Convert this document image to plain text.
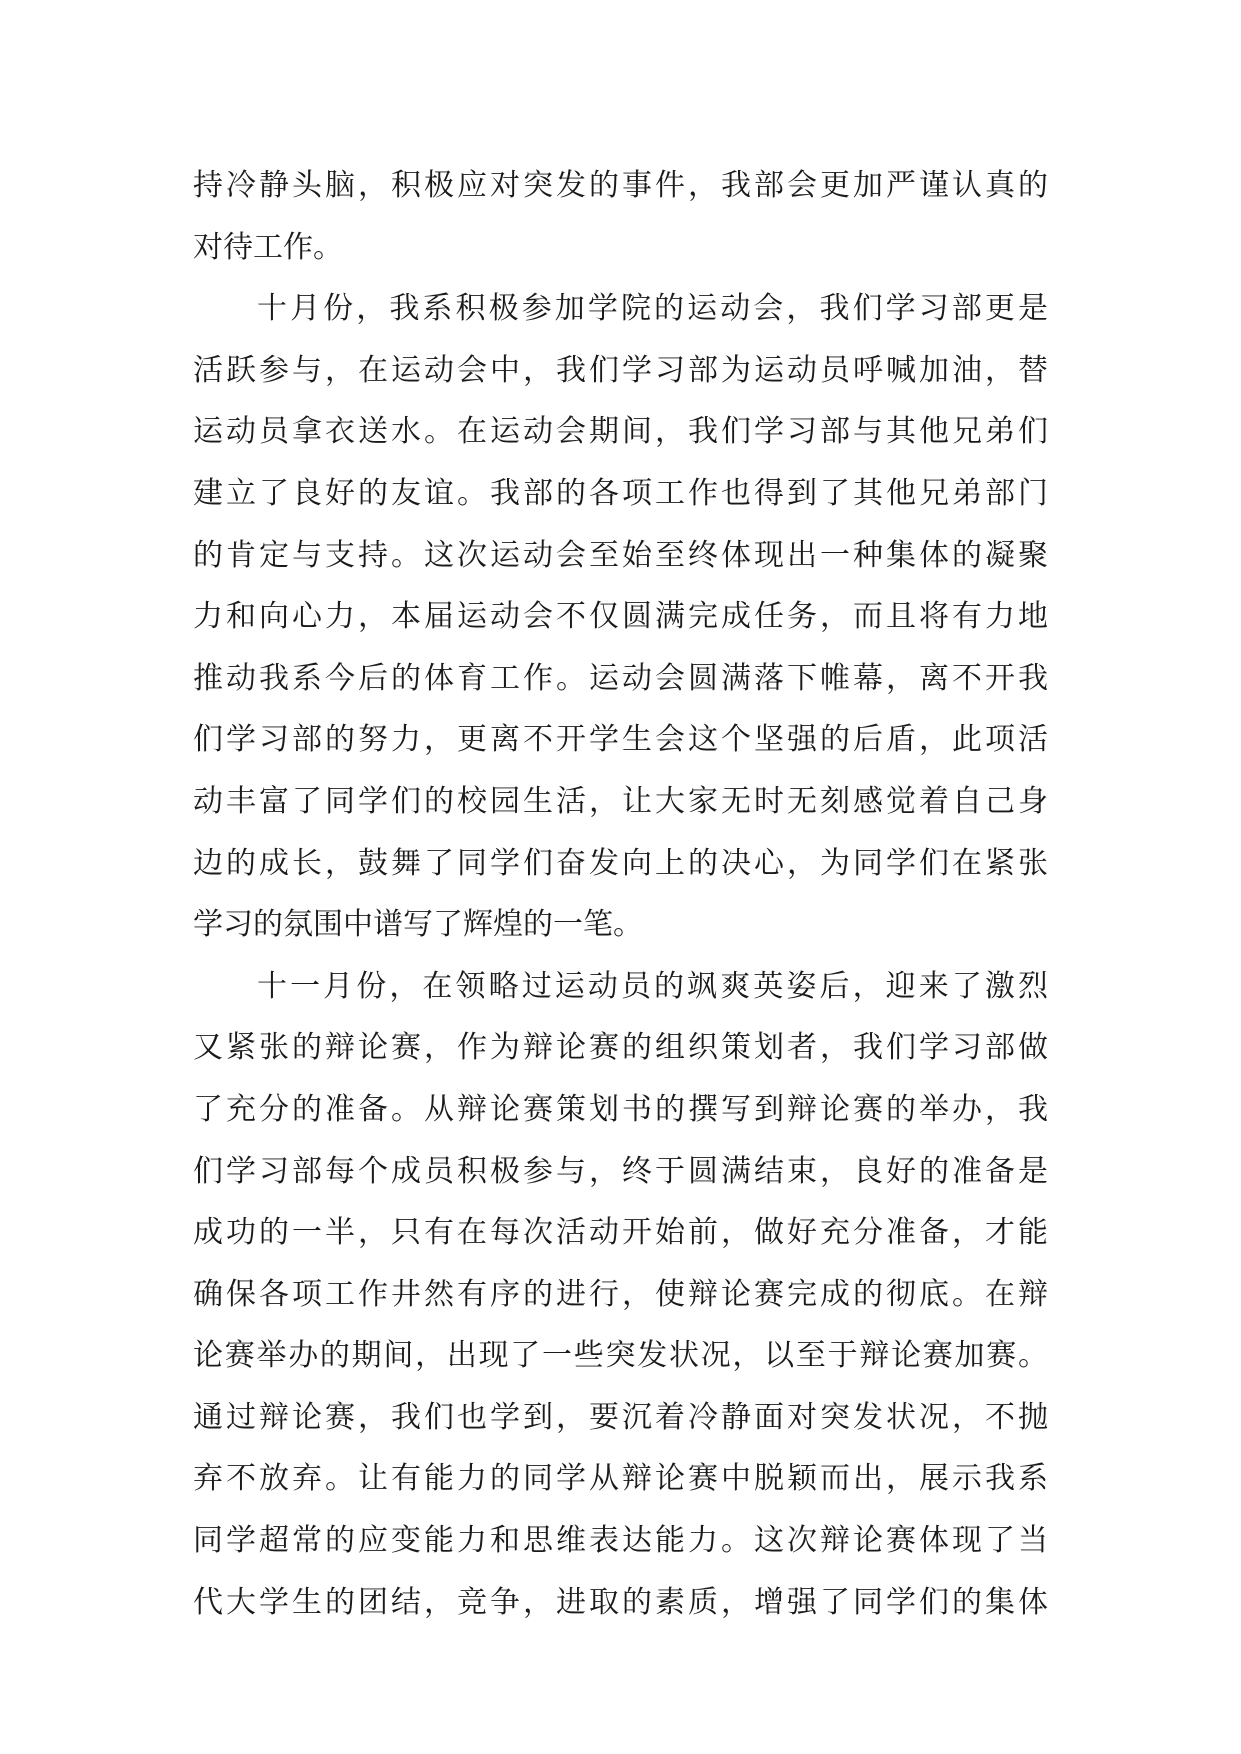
持冷静头脑，积极应对突发的事件，我部会更加严谨认真的
对待工作。
十月份，我系积极参加学院的运动会，我们学习部更是
活跃参与，在运动会中，我们学习部为运动员呼喊加油，替
运动员拿衣送水。在运动会期间，我们学习部与其他兄弟们
建立了良好的友谊。我部的各项工作也得到了其他兄弟部门
的肯定与支持。这次运动会至始至终体现出一种集体的凝聚
力和向心力，本届运动会不仅圆满完成任务，而且将有力地
推动我系今后的体育工作。运动会圆满落下帷幕，离不开我
们学习部的努力，更离不开学生会这个坚强的后盾，此项活
动丰富了同学们的校园生活，让大家无时无刻感觉着自己身
边的成长，鼓舞了同学们奋发向上的决心，为同学们在紧张
学习的氛围中谱写了辉煌的一笔。
十一月份，在领略过运动员的飒爽英姿后，迎来了激烈
又紧张的辩论赛，作为辩论赛的组织策划者，我们学习部做
了充分的准备。从辩论赛策划书的撰写到辩论赛的举办，我
们学习部每个成员积极参与，终于圆满结束，良好的准备是
成功的一半，只有在每次活动开始前，做好充分准备，才能
确保各项工作井然有序的进行，使辩论赛完成的彻底。在辩
论赛举办的期间，出现了一些突发状况，以至于辩论赛加赛。
通过辩论赛，我们也学到，要沉着冷静面对突发状况，不抛
弃不放弃。让有能力的同学从辩论赛中脱颖而出，展示我系
同学超常的应变能力和思维表达能力。这次辩论赛体现了当
代大学生的团结，竞争，进取的素质，增强了同学们的集体
